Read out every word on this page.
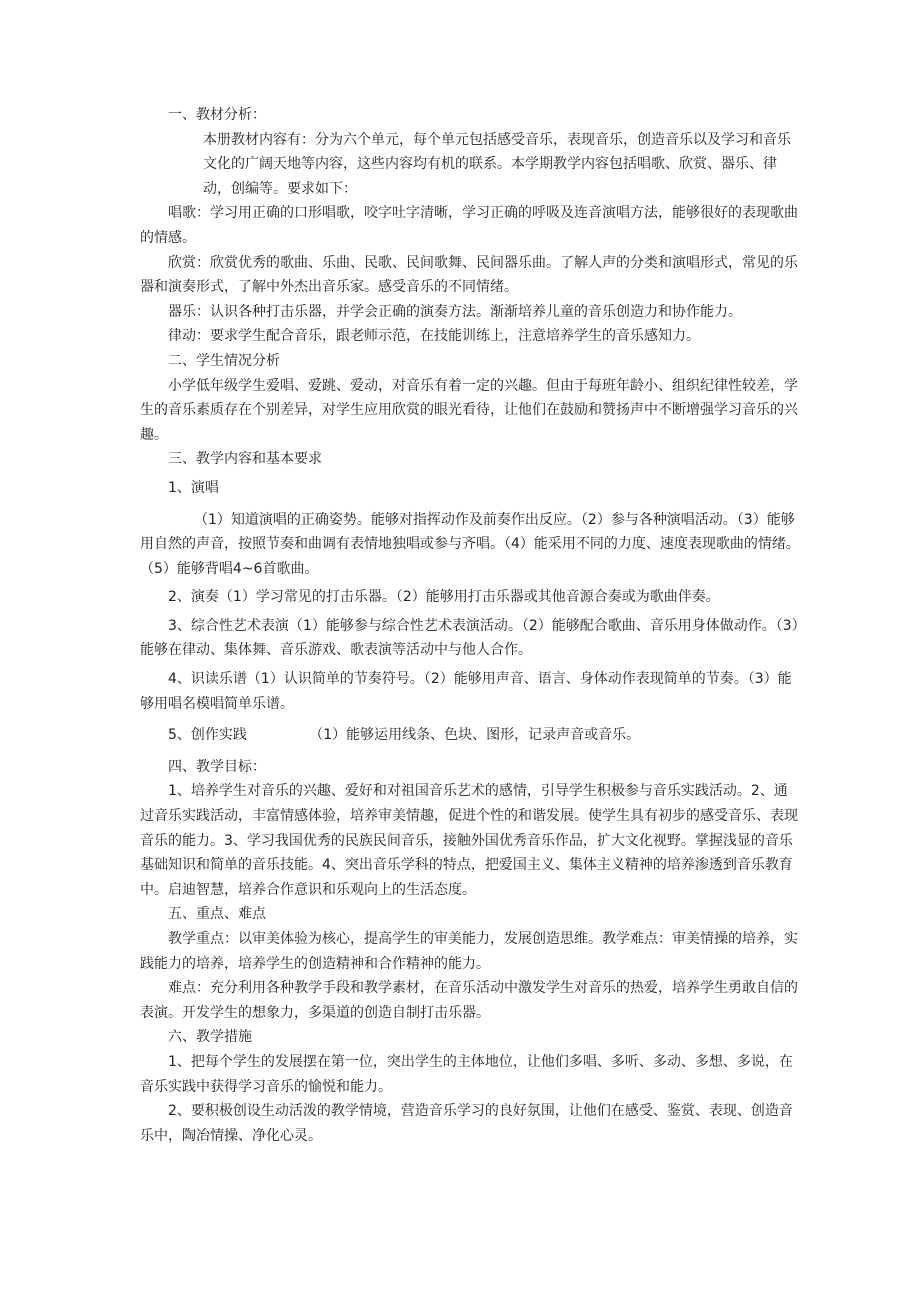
一、教材分析：

本册教材内容有：分为六个单元，每个单元包括感受音乐，表现音乐，创造音乐以及学习和音乐文化的广阔天地等内容，这些内容均有机的联系。本学期教学内容包括唱歌、欣赏、器乐、律动，创编等。要求如下：

唱歌：学习用正确的口形唱歌，咬字吐字清晰，学习正确的呼吸及连音演唱方法，能够很好的表现歌曲的情感。

欣赏：欣赏优秀的歌曲、乐曲、民歌、民间歌舞、民间器乐曲。了解人声的分类和演唱形式，常见的乐器和演奏形式，了解中外杰出音乐家。感受音乐的不同情绪。

器乐：认识各种打击乐器，并学会正确的演奏方法。渐渐培养儿童的音乐创造力和协作能力。

律动：要求学生配合音乐，跟老师示范，在技能训练上，注意培养学生的音乐感知力。

二、学生情况分析

小学低年级学生爱唱、爱跳、爱动，对音乐有着一定的兴趣。但由于每班年龄小、组织纪律性较差，学生的音乐素质存在个别差异，对学生应用欣赏的眼光看待，让他们在鼓励和赞扬声中不断增强学习音乐的兴趣。

三、教学内容和基本要求

1、演唱

（1）知道演唱的正确姿势。能够对指挥动作及前奏作出反应。（2）参与各种演唱活动。（3）能够用自然的声音，按照节奏和曲调有表情地独唱或参与齐唱。（4）能采用不同的力度、速度表现歌曲的情绪。（5）能够背唱4~6首歌曲。

2、演奏（1）学习常见的打击乐器。（2）能够用打击乐器或其他音源合奏或为歌曲伴奏。

3、综合性艺术表演（1）能够参与综合性艺术表演活动。（2）能够配合歌曲、音乐用身体做动作。（3）能够在律动、集体舞、音乐游戏、歌表演等活动中与他人合作。

4、识读乐谱（1）认识简单的节奏符号。（2）能够用声音、语言、身体动作表现简单的节奏。（3）能够用唱名模唱简单乐谱。

5、创作实践              （1）能够运用线条、色块、图形，记录声音或音乐。

四、教学目标：

1、培养学生对音乐的兴趣、爱好和对祖国音乐艺术的感情，引导学生积极参与音乐实践活动。2、通过音乐实践活动，丰富情感体验，培养审美情趣，促进个性的和谐发展。使学生具有初步的感受音乐、表现音乐的能力。3、学习我国优秀的民族民间音乐，接触外国优秀音乐作品，扩大文化视野。掌握浅显的音乐基础知识和简单的音乐技能。4、突出音乐学科的特点，把爱国主义、集体主义精神的培养渗透到音乐教育中。启迪智慧，培养合作意识和乐观向上的生活态度。

五、重点、难点

教学重点：以审美体验为核心，提高学生的审美能力，发展创造思维。教学难点：审美情操的培养，实践能力的培养，培养学生的创造精神和合作精神的能力。

难点：充分利用各种教学手段和教学素材，在音乐活动中激发学生对音乐的热爱，培养学生勇敢自信的表演。开发学生的想象力，多渠道的创造自制打击乐器。

六、教学措施

1、把每个学生的发展摆在第一位，突出学生的主体地位，让他们多唱、多听、多动、多想、多说，在音乐实践中获得学习音乐的愉悦和能力。

2、要积极创设生动活泼的教学情境，营造音乐学习的良好氛围，让他们在感受、鉴赏、表现、创造音乐中，陶冶情操、净化心灵。
